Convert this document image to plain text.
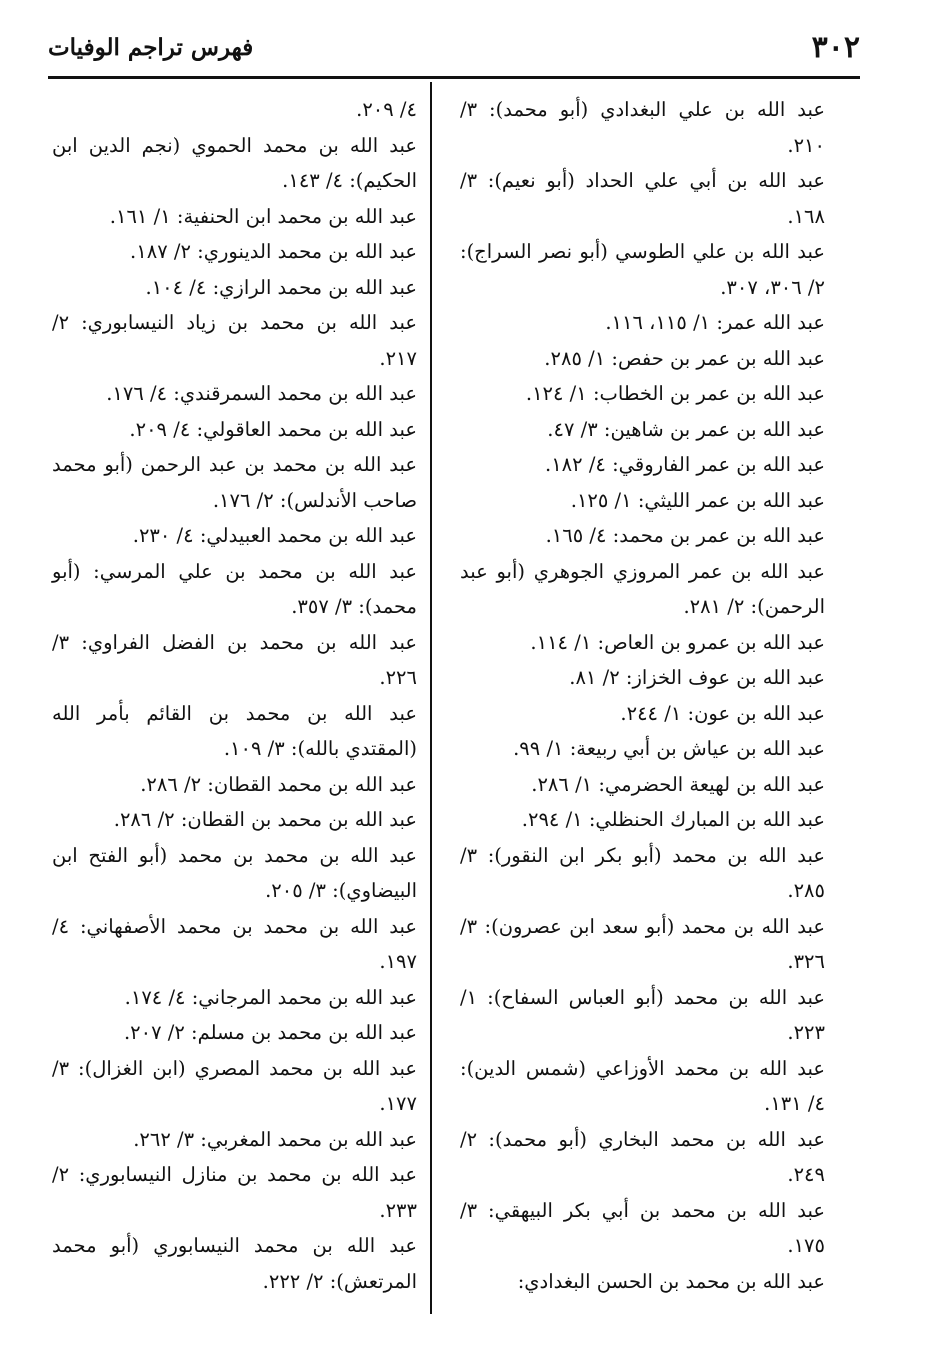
٣٠٢
فهرس تراجم الوفيات

عبد الله بن علي البغدادي (أبو محمد): ٣/ ٢١٠.

عبد الله بن أبي علي الحداد (أبو نعيم): ٣/ ١٦٨.

عبد الله بن علي الطوسي (أبو نصر السراج): ٢/ ٣٠٦، ٣٠٧.

عبد الله عمر: ١/ ١١٥، ١١٦.

عبد الله بن عمر بن حفص: ١/ ٢٨٥.

عبد الله بن عمر بن الخطاب: ١/ ١٢٤.

عبد الله بن عمر بن شاهين: ٣/ ٤٧.

عبد الله بن عمر الفاروقي: ٤/ ١٨٢.

عبد الله بن عمر الليثي: ١/ ١٢٥.

عبد الله بن عمر بن محمد: ٤/ ١٦٥.

عبد الله بن عمر المروزي الجوهري (أبو عبد الرحمن): ٢/ ٢٨١.

عبد الله بن عمرو بن العاص: ١/ ١١٤.

عبد الله بن عوف الخزاز: ٢/ ٨١.

عبد الله بن عون: ١/ ٢٤٤.

عبد الله بن عياش بن أبي ربيعة: ١/ ٩٩.

عبد الله بن لهيعة الحضرمي: ١/ ٢٨٦.

عبد الله بن المبارك الحنظلي: ١/ ٢٩٤.

عبد الله بن محمد (أبو بكر ابن النقور): ٣/ ٢٨٥.

عبد الله بن محمد (أبو سعد ابن عصرون): ٣/ ٣٢٦.

عبد الله بن محمد (أبو العباس السفاح): ١/ ٢٢٣.

عبد الله بن محمد الأوزاعي (شمس الدين): ٤/ ١٣١.

عبد الله بن محمد البخاري (أبو محمد): ٢/ ٢٤٩.

عبد الله بن محمد بن أبي بكر البيهقي: ٣/ ١٧٥.

عبد الله بن محمد بن الحسن البغدادي:

٤/ ٢٠٩.

عبد الله بن محمد الحموي (نجم الدين ابن الحكيم): ٤/ ١٤٣.

عبد الله بن محمد ابن الحنفية: ١/ ١٦١.

عبد الله بن محمد الدينوري: ٢/ ١٨٧.

عبد الله بن محمد الرازي: ٤/ ١٠٤.

عبد الله بن محمد بن زياد النيسابوري: ٢/ ٢١٧.

عبد الله بن محمد السمرقندي: ٤/ ١٧٦.

عبد الله بن محمد العاقولي: ٤/ ٢٠٩.

عبد الله بن محمد بن عبد الرحمن (أبو محمد صاحب الأندلس): ٢/ ١٧٦.

عبد الله بن محمد العبيدلي: ٤/ ٢٣٠.

عبد الله بن محمد بن علي المرسي: (أبو محمد): ٣/ ٣٥٧.

عبد الله بن محمد بن الفضل الفراوي: ٣/ ٢٢٦.

عبد الله بن محمد بن القائم بأمر الله (المقتدي بالله): ٣/ ١٠٩.

عبد الله بن محمد القطان: ٢/ ٢٨٦.

عبد الله بن محمد بن القطان: ٢/ ٢٨٦.

عبد الله بن محمد بن محمد (أبو الفتح ابن البيضاوي): ٣/ ٢٠٥.

عبد الله بن محمد بن محمد الأصفهاني: ٤/ ١٩٧.

عبد الله بن محمد المرجاني: ٤/ ١٧٤.

عبد الله بن محمد بن مسلم: ٢/ ٢٠٧.

عبد الله بن محمد المصري (ابن الغزال): ٣/ ١٧٧.

عبد الله بن محمد المغربي: ٣/ ٢٦٢.

عبد الله بن محمد بن منازل النيسابوري: ٢/ ٢٣٣.

عبد الله بن محمد النيسابوري (أبو محمد المرتعش): ٢/ ٢٢٢.
